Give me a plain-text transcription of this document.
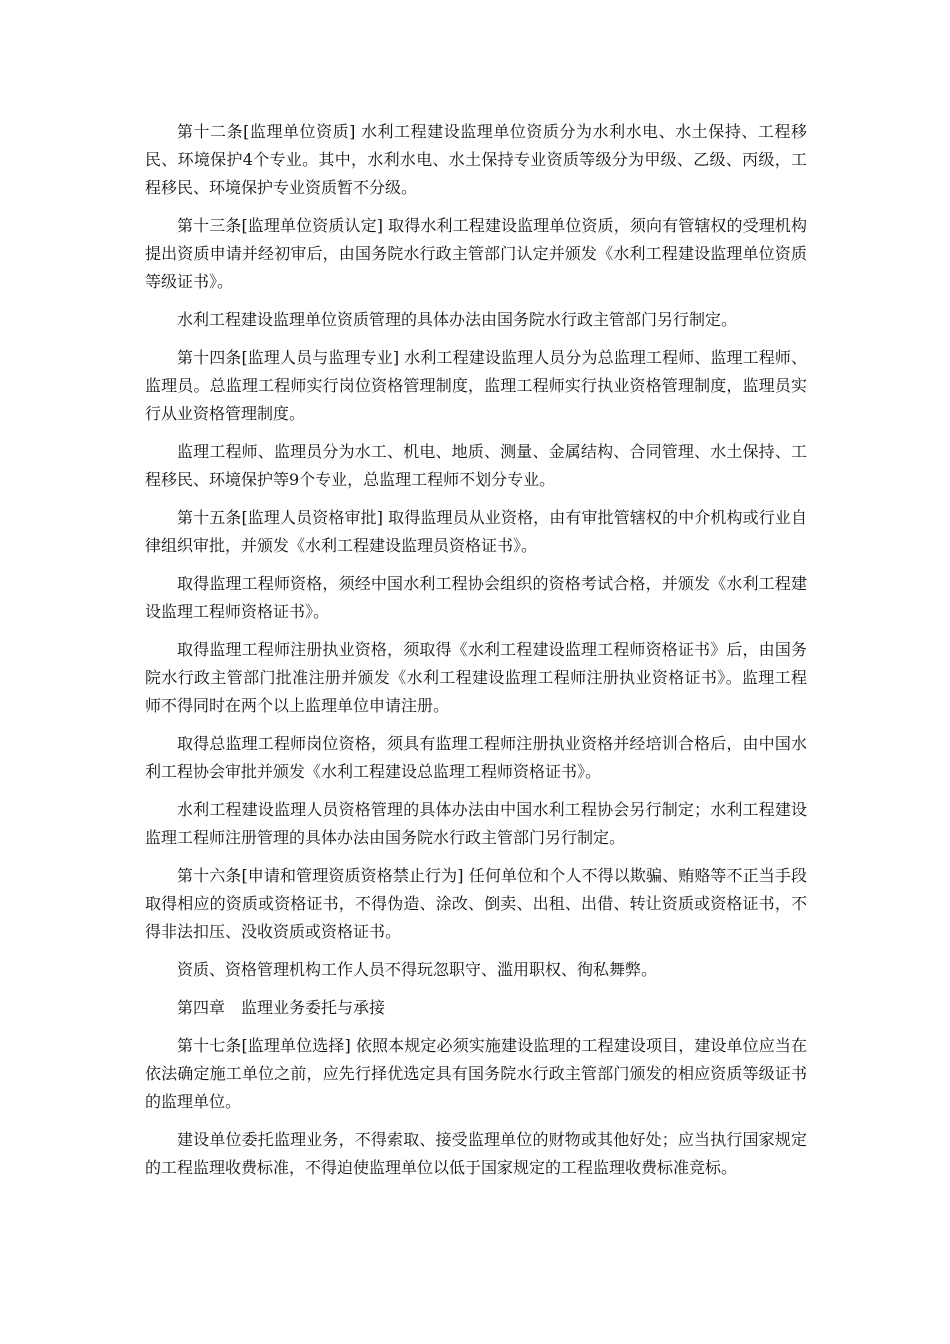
第十二条[监理单位资质] 水利工程建设监理单位资质分为水利水电、水土保持、工程移民、环境保护4个专业。其中，水利水电、水土保持专业资质等级分为甲级、乙级、丙级，工程移民、环境保护专业资质暂不分级。

第十三条[监理单位资质认定] 取得水利工程建设监理单位资质，须向有管辖权的受理机构提出资质申请并经初审后，由国务院水行政主管部门认定并颁发《水利工程建设监理单位资质等级证书》。

水利工程建设监理单位资质管理的具体办法由国务院水行政主管部门另行制定。

第十四条[监理人员与监理专业] 水利工程建设监理人员分为总监理工程师、监理工程师、监理员。总监理工程师实行岗位资格管理制度，监理工程师实行执业资格管理制度，监理员实行从业资格管理制度。

监理工程师、监理员分为水工、机电、地质、测量、金属结构、合同管理、水土保持、工程移民、环境保护等9个专业，总监理工程师不划分专业。

第十五条[监理人员资格审批] 取得监理员从业资格，由有审批管辖权的中介机构或行业自律组织审批，并颁发《水利工程建设监理员资格证书》。

取得监理工程师资格，须经中国水利工程协会组织的资格考试合格，并颁发《水利工程建设监理工程师资格证书》。

取得监理工程师注册执业资格，须取得《水利工程建设监理工程师资格证书》后，由国务院水行政主管部门批准注册并颁发《水利工程建设监理工程师注册执业资格证书》。监理工程师不得同时在两个以上监理单位申请注册。

取得总监理工程师岗位资格，须具有监理工程师注册执业资格并经培训合格后，由中国水利工程协会审批并颁发《水利工程建设总监理工程师资格证书》。

水利工程建设监理人员资格管理的具体办法由中国水利工程协会另行制定；水利工程建设监理工程师注册管理的具体办法由国务院水行政主管部门另行制定。

第十六条[申请和管理资质资格禁止行为] 任何单位和个人不得以欺骗、贿赂等不正当手段取得相应的资质或资格证书，不得伪造、涂改、倒卖、出租、出借、转让资质或资格证书，不得非法扣压、没收资质或资格证书。

资质、资格管理机构工作人员不得玩忽职守、滥用职权、徇私舞弊。

第四章　监理业务委托与承接

第十七条[监理单位选择] 依照本规定必须实施建设监理的工程建设项目，建设单位应当在依法确定施工单位之前，应先行择优选定具有国务院水行政主管部门颁发的相应资质等级证书的监理单位。

建设单位委托监理业务，不得索取、接受监理单位的财物或其他好处；应当执行国家规定的工程监理收费标准，不得迫使监理单位以低于国家规定的工程监理收费标准竞标。
